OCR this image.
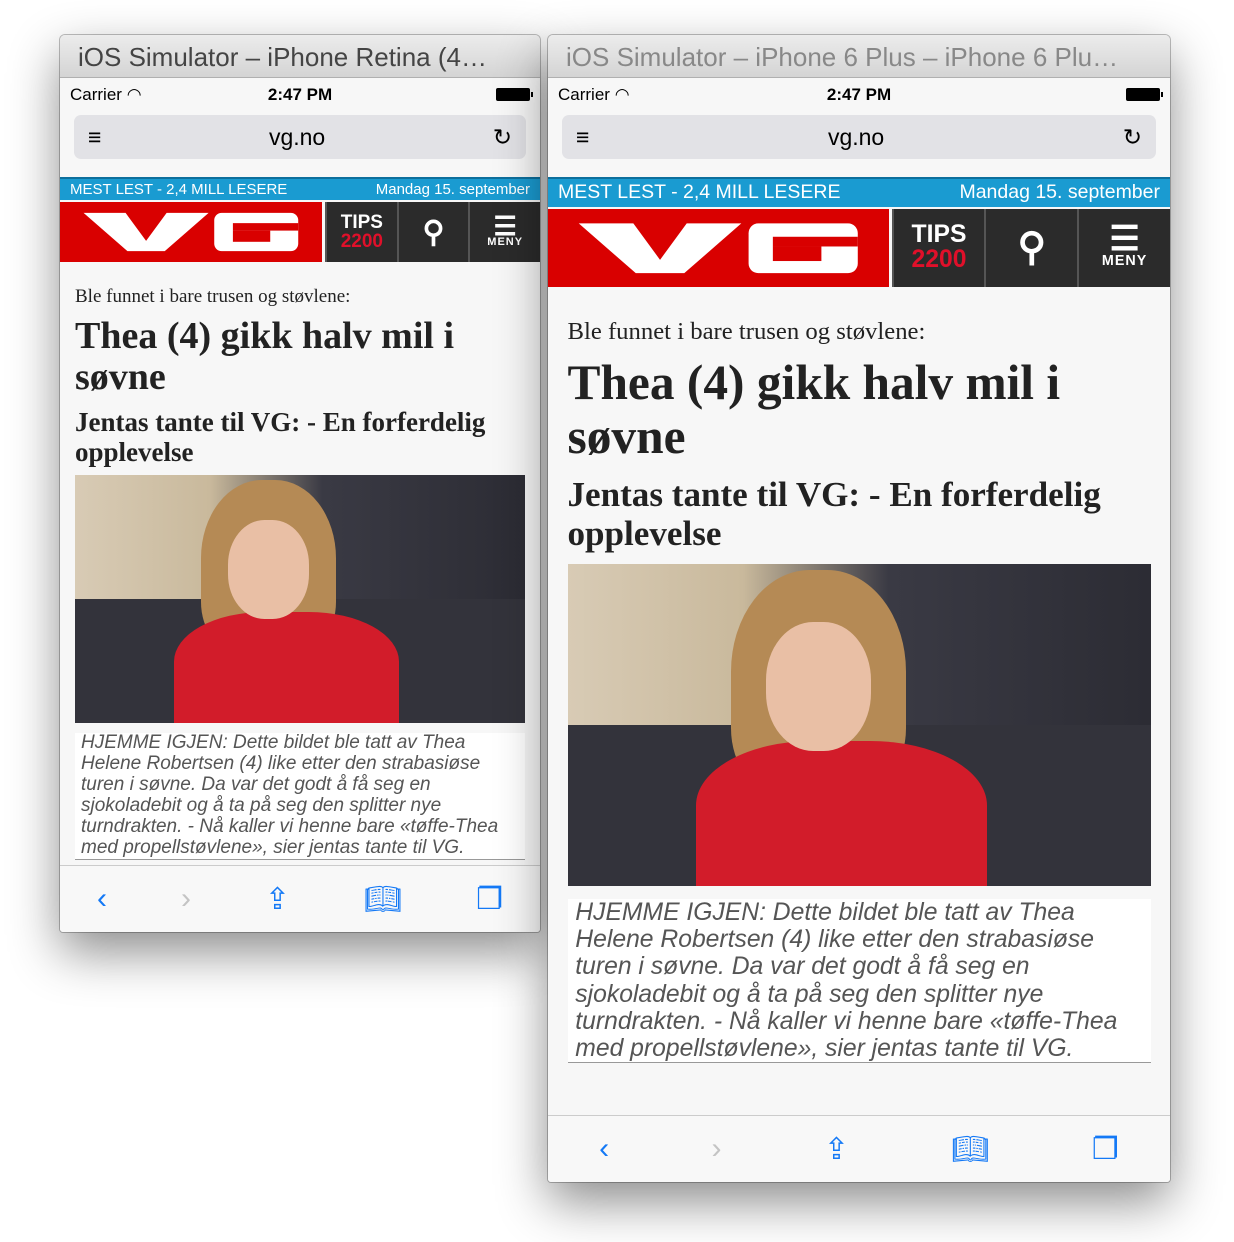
iOS Simulator – iPhone Retina (4…
Carrier ◠	2:47 PM
≡	vg.no	↻
MEST LEST - 2,4 MILL LESERE	Mandag 15. september
TIPS
2200 ⚲ ☰
MENY
Ble funnet i bare trusen og støvlene:
Thea (4) gikk halv mil i søvne
Jentas tante til VG: - En forferdelig opplevelse
HJEMME IGJEN: Dette bildet ble tatt av Thea Helene Robertsen (4) like etter den strabasiøse turen i søvne. Da var det godt å få seg en sjokoladebit og å ta på seg den splitter nye turndrakten. - Nå kaller vi henne bare «tøffe-Thea med propellstøvlene», sier jentas tante til VG.
‹ › ⇪ 📖︎ ❐
iOS Simulator – iPhone 6 Plus – iPhone 6 Plu…
Carrier ◠	2:47 PM
≡	vg.no	↻
MEST LEST - 2,4 MILL LESERE	Mandag 15. september
TIPS
2200 ⚲ ☰
MENY
Ble funnet i bare trusen og støvlene:
Thea (4) gikk halv mil i søvne
Jentas tante til VG: - En forferdelig opplevelse
HJEMME IGJEN: Dette bildet ble tatt av Thea Helene Robertsen (4) like etter den strabasiøse turen i søvne. Da var det godt å få seg en sjokoladebit og å ta på seg den splitter nye turndrakten. - Nå kaller vi henne bare «tøffe-Thea med propellstøvlene», sier jentas tante til VG.
‹	›	⇪	📖︎	❐
